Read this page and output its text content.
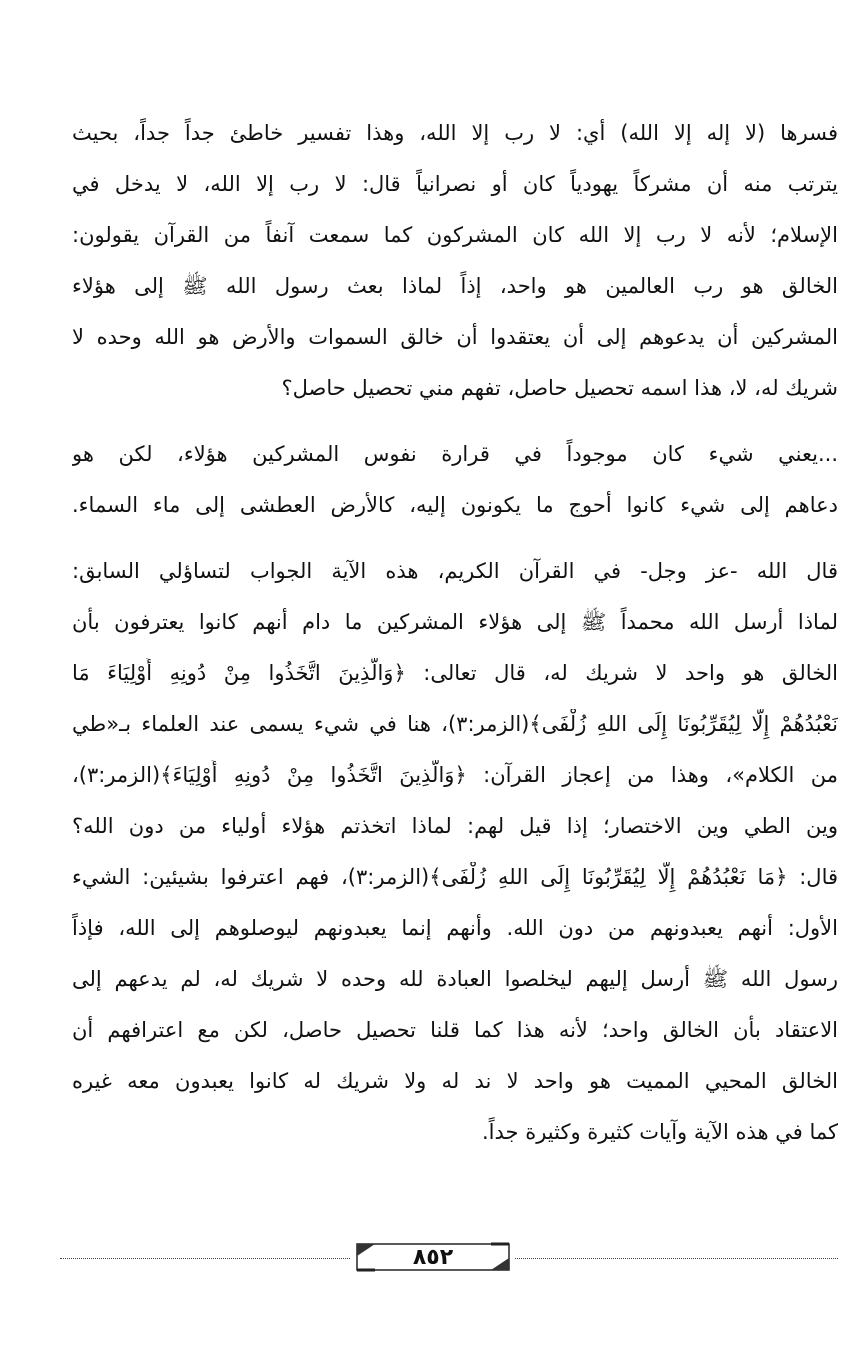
فسرها (لا إله إلا الله) أي: لا رب إلا الله، وهذا تفسير خاطئ جداً جداً، بحيث
يترتب منه أن مشركاً يهودياً كان أو نصرانياً قال: لا رب إلا الله، لا يدخل في
الإسلام؛ لأنه لا رب إلا الله كان المشركون كما سمعت آنفاً من القرآن يقولون:
الخالق هو رب العالمين هو واحد، إذاً لماذا بعث رسول الله ﷺ إلى هؤلاء
المشركين أن يدعوهم إلى أن يعتقدوا أن خالق السموات والأرض هو الله وحده لا
شريك له، لا، هذا اسمه تحصيل حاصل، تفهم مني تحصيل حاصل؟
...يعني شيء كان موجوداً في قرارة نفوس المشركين هؤلاء، لكن هو
دعاهم إلى شيء كانوا أحوج ما يكونون إليه، كالأرض العطشى إلى ماء السماء.
قال الله -عز وجل- في القرآن الكريم، هذه الآية الجواب لتساؤلي السابق:
لماذا أرسل الله محمداً ﷺ إلى هؤلاء المشركين ما دام أنهم كانوا يعترفون بأن
الخالق هو واحد لا شريك له، قال تعالى: ﴿وَالَّذِينَ اتَّخَذُوا مِنْ دُونِهِ أَوْلِيَاءَ مَا
نَعْبُدُهُمْ إِلَّا لِيُقَرِّبُونَا إِلَى اللهِ زُلْفَى﴾(الزمر:٣)، هنا في شيء يسمى عند العلماء بـ«طي
من الكلام»، وهذا من إعجاز القرآن: ﴿وَالَّذِينَ اتَّخَذُوا مِنْ دُونِهِ أَوْلِيَاءَ﴾(الزمر:٣)،
وين الطي وين الاختصار؛ إذا قيل لهم: لماذا اتخذتم هؤلاء أولياء من دون الله؟
قال: ﴿مَا نَعْبُدُهُمْ إِلَّا لِيُقَرِّبُونَا إِلَى اللهِ زُلْفَى﴾(الزمر:٣)، فهم اعترفوا بشيئين: الشيء
الأول: أنهم يعبدونهم من دون الله. وأنهم إنما يعبدونهم ليوصلوهم إلى الله، فإذاً
رسول الله ﷺ أرسل إليهم ليخلصوا العبادة لله وحده لا شريك له، لم يدعهم إلى
الاعتقاد بأن الخالق واحد؛ لأنه هذا كما قلنا تحصيل حاصل، لكن مع اعترافهم أن
الخالق المحيي المميت هو واحد لا ند له ولا شريك له كانوا يعبدون معه غيره
كما في هذه الآية وآيات كثيرة وكثيرة جداً.
٨٥٢
